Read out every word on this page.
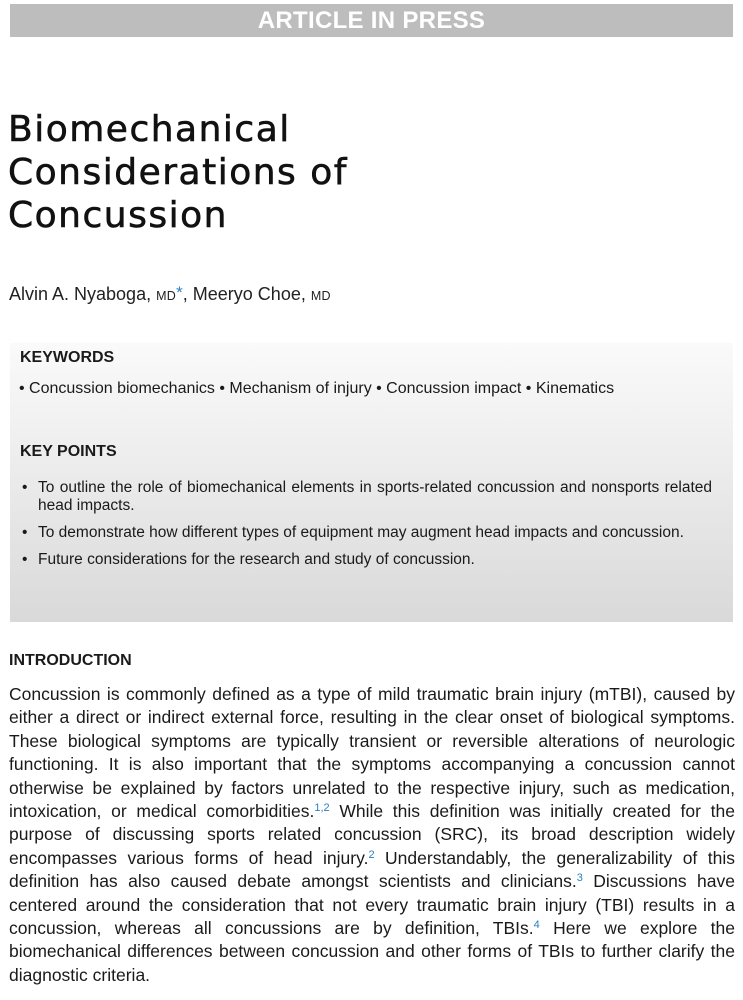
ARTICLE IN PRESS
Biomechanical
Considerations of
Concussion
Alvin A. Nyaboga, MD*, Meeryo Choe, MD
KEYWORDS
• Concussion biomechanics • Mechanism of injury • Concussion impact • Kinematics
KEY POINTS
• To outline the role of biomechanical elements in sports-related concussion and nonsports related head impacts.
• To demonstrate how different types of equipment may augment head impacts and concussion.
• Future considerations for the research and study of concussion.
INTRODUCTION

Concussion is commonly defined as a type of mild traumatic brain injury (mTBI), caused by either a direct or indirect external force, resulting in the clear onset of biological symptoms. These biological symptoms are typically transient or reversible alterations of neurologic functioning. It is also important that the symptoms accompanying a concussion cannot otherwise be explained by factors unrelated to the respective injury, such as medication, intoxication, or medical comorbidities.$^{1,2}$ While this definition was initially created for the purpose of discussing sports related concussion (SRC), its broad description widely encompasses various forms of head injury.$^2$ Understandably, the generalizability of this definition has also caused debate amongst scientists and clinicians.$^3$ Discussions have centered around the consideration that not every traumatic brain injury (TBI) results in a concussion, whereas all concussions are by definition, TBIs.$^4$ Here we explore the biomechanical differences between concussion and other forms of TBIs to further clarify the diagnostic criteria.
